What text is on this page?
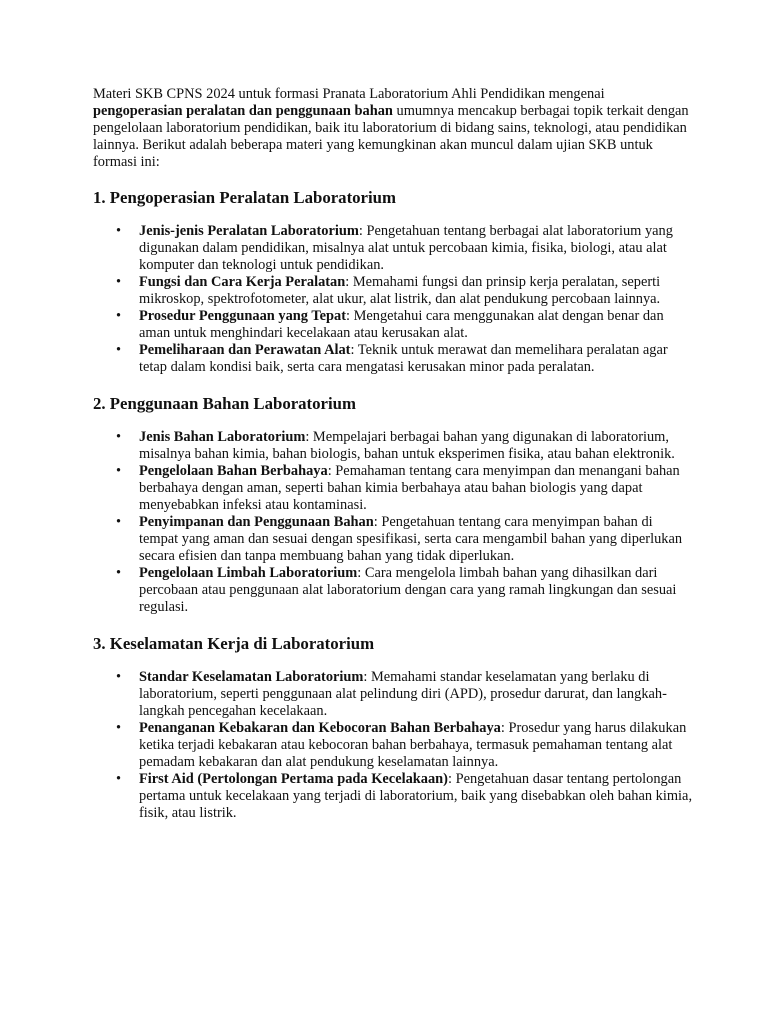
Materi SKB CPNS 2024 untuk formasi Pranata Laboratorium Ahli Pendidikan mengenai pengoperasian peralatan dan penggunaan bahan umumnya mencakup berbagai topik terkait dengan pengelolaan laboratorium pendidikan, baik itu laboratorium di bidang sains, teknologi, atau pendidikan lainnya. Berikut adalah beberapa materi yang kemungkinan akan muncul dalam ujian SKB untuk formasi ini:

1. Pengoperasian Peralatan Laboratorium
• Jenis-jenis Peralatan Laboratorium: Pengetahuan tentang berbagai alat laboratorium yang digunakan dalam pendidikan, misalnya alat untuk percobaan kimia, fisika, biologi, atau alat komputer dan teknologi untuk pendidikan.
• Fungsi dan Cara Kerja Peralatan: Memahami fungsi dan prinsip kerja peralatan, seperti mikroskop, spektrofotometer, alat ukur, alat listrik, dan alat pendukung percobaan lainnya.
• Prosedur Penggunaan yang Tepat: Mengetahui cara menggunakan alat dengan benar dan aman untuk menghindari kecelakaan atau kerusakan alat.
• Pemeliharaan dan Perawatan Alat: Teknik untuk merawat dan memelihara peralatan agar tetap dalam kondisi baik, serta cara mengatasi kerusakan minor pada peralatan.
2. Penggunaan Bahan Laboratorium
• Jenis Bahan Laboratorium: Mempelajari berbagai bahan yang digunakan di laboratorium, misalnya bahan kimia, bahan biologis, bahan untuk eksperimen fisika, atau bahan elektronik.
• Pengelolaan Bahan Berbahaya: Pemahaman tentang cara menyimpan dan menangani bahan berbahaya dengan aman, seperti bahan kimia berbahaya atau bahan biologis yang dapat menyebabkan infeksi atau kontaminasi.
• Penyimpanan dan Penggunaan Bahan: Pengetahuan tentang cara menyimpan bahan di tempat yang aman dan sesuai dengan spesifikasi, serta cara mengambil bahan yang diperlukan secara efisien dan tanpa membuang bahan yang tidak diperlukan.
• Pengelolaan Limbah Laboratorium: Cara mengelola limbah bahan yang dihasilkan dari percobaan atau penggunaan alat laboratorium dengan cara yang ramah lingkungan dan sesuai regulasi.
3. Keselamatan Kerja di Laboratorium
• Standar Keselamatan Laboratorium: Memahami standar keselamatan yang berlaku di laboratorium, seperti penggunaan alat pelindung diri (APD), prosedur darurat, dan langkah-langkah pencegahan kecelakaan.
• Penanganan Kebakaran dan Kebocoran Bahan Berbahaya: Prosedur yang harus dilakukan ketika terjadi kebakaran atau kebocoran bahan berbahaya, termasuk pemahaman tentang alat pemadam kebakaran dan alat pendukung keselamatan lainnya.
• First Aid (Pertolongan Pertama pada Kecelakaan): Pengetahuan dasar tentang pertolongan pertama untuk kecelakaan yang terjadi di laboratorium, baik yang disebabkan oleh bahan kimia, fisik, atau listrik.
